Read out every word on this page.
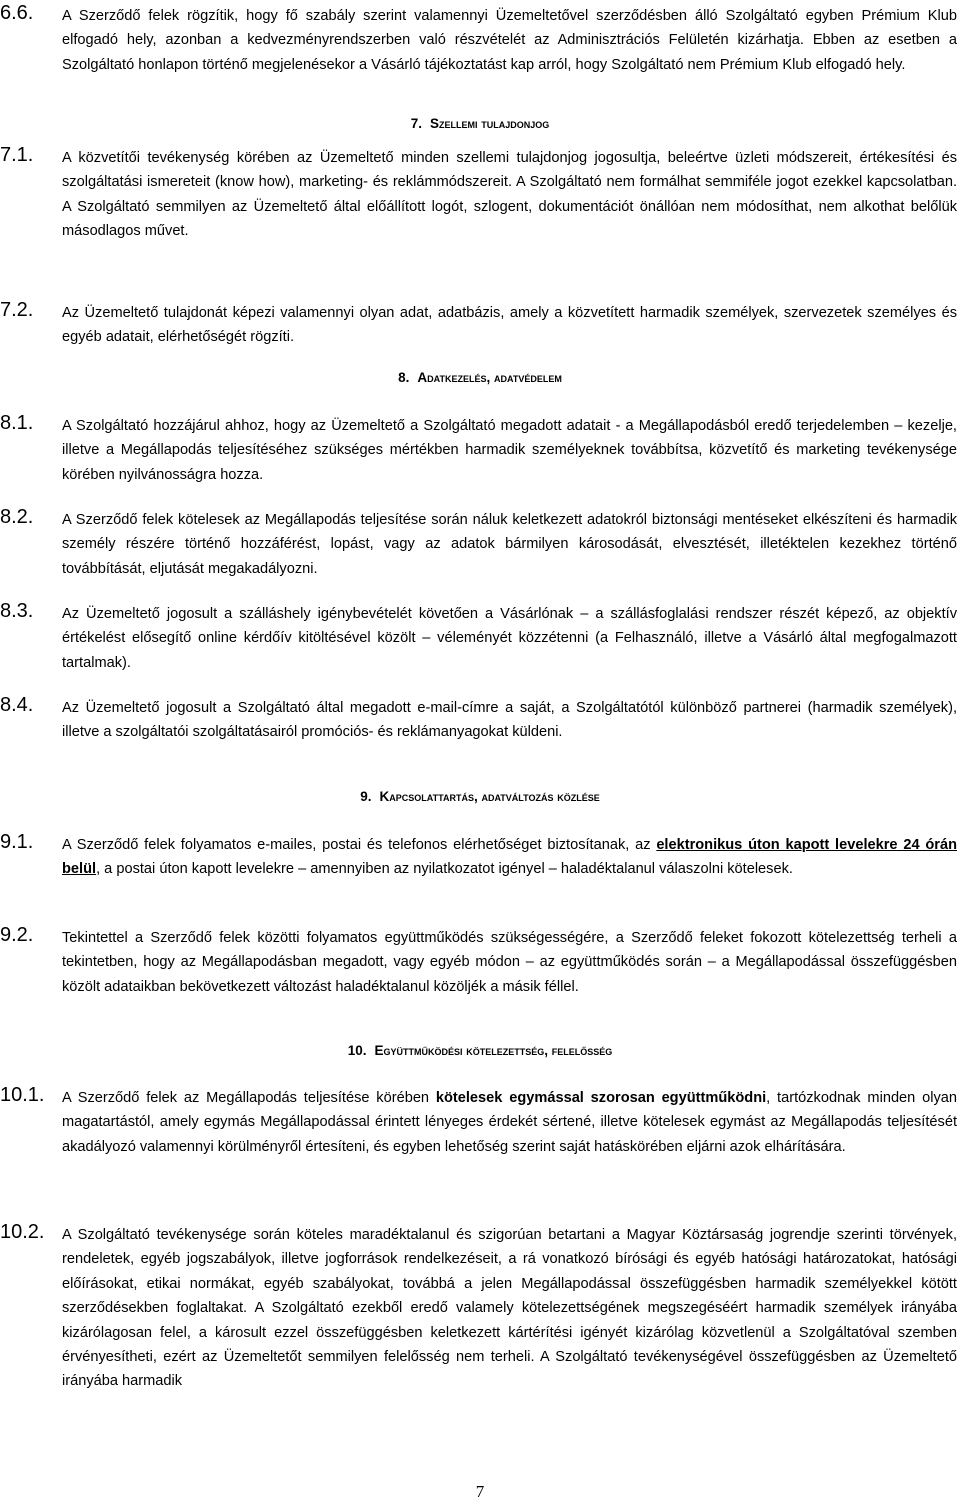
6.6. A Szerződő felek rögzítik, hogy fő szabály szerint valamennyi Üzemeltetővel szerződésben álló Szolgáltató egyben Prémium Klub elfogadó hely, azonban a kedvezményrendszerben való részvételét az Adminisztrációs Felületén kizárhatja. Ebben az esetben a Szolgáltató honlapon történő megjelenésekor a Vásárló tájékoztatást kap arról, hogy Szolgáltató nem Prémium Klub elfogadó hely.
7. Szellemi tulajdonjog
7.1. A közvetítői tevékenység körében az Üzemeltető minden szellemi tulajdonjog jogosultja, beleértve üzleti módszereit, értékesítési és szolgáltatási ismereteit (know how), marketing- és reklámmódszereit. A Szolgáltató nem formálhat semmiféle jogot ezekkel kapcsolatban. A Szolgáltató semmilyen az Üzemeltető által előállított logót, szlogent, dokumentációt önállóan nem módosíthat, nem alkothat belőlük másodlagos művet.
7.2. Az Üzemeltető tulajdonát képezi valamennyi olyan adat, adatbázis, amely a közvetített harmadik személyek, szervezetek személyes és egyéb adatait, elérhetőségét rögzíti.
8. Adatkezelés, adatvédelem
8.1. A Szolgáltató hozzájárul ahhoz, hogy az Üzemeltető a Szolgáltató megadott adatait - a Megállapodásból eredő terjedelemben – kezelje, illetve a Megállapodás teljesítéséhez szükséges mértékben harmadik személyeknek továbbítsa, közvetítő és marketing tevékenysége körében nyilvánosságra hozza.
8.2. A Szerződő felek kötelesek az Megállapodás teljesítése során náluk keletkezett adatokról biztonsági mentéseket elkészíteni és harmadik személy részére történő hozzáférést, lopást, vagy az adatok bármilyen károsodását, elvesztését, illetéktelen kezekhez történő továbbítását, eljutását megakadályozni.
8.3. Az Üzemeltető jogosult a szálláshely igénybevételét követően a Vásárlónak – a szállásfoglalási rendszer részét képező, az objektív értékelést elősegítő online kérdőív kitöltésével közölt – véleményét közzétenni (a Felhasználó, illetve a Vásárló által megfogalmazott tartalmak).
8.4. Az Üzemeltető jogosult a Szolgáltató által megadott e-mail-címre a saját, a Szolgáltatótól különböző partnerei (harmadik személyek), illetve a szolgáltatói szolgáltatásairól promóciós- és reklámanyagokat küldeni.
9. Kapcsolattartás, adatváltozás közlése
9.1. A Szerződő felek folyamatos e-mailes, postai és telefonos elérhetőséget biztosítanak, az elektronikus úton kapott levelekre 24 órán belül, a postai úton kapott levelekre – amennyiben az nyilatkozatot igényel – haladéktalanul válaszolni kötelesek.
9.2. Tekintettel a Szerződő felek közötti folyamatos együttműködés szükségességére, a Szerződő feleket fokozott kötelezettség terheli a tekintetben, hogy az Megállapodásban megadott, vagy egyéb módon – az együttműködés során – a Megállapodással összefüggésben közölt adataikban bekövetkezett változást haladéktalanul közöljék a másik féllel.
10. Együttműködési kötelezettség, felelősség
10.1. A Szerződő felek az Megállapodás teljesítése körében kötelesek egymással szorosan együttműködni, tartózkodnak minden olyan magatartástól, amely egymás Megállapodással érintett lényeges érdekét sértené, illetve kötelesek egymást az Megállapodás teljesítését akadályozó valamennyi körülményről értesíteni, és egyben lehetőség szerint saját hatáskörében eljárni azok elhárítására.
10.2. A Szolgáltató tevékenysége során köteles maradéktalanul és szigorúan betartani a Magyar Köztársaság jogrendje szerinti törvények, rendeletek, egyéb jogszabályok, illetve jogforrások rendelkezéseit, a rá vonatkozó bírósági és egyéb hatósági határozatokat, hatósági előírásokat, etikai normákat, egyéb szabályokat, továbbá a jelen Megállapodással összefüggésben harmadik személyekkel kötött szerződésekben foglaltakat. A Szolgáltató ezekből eredő valamely kötelezettségének megszegéséért harmadik személyek irányába kizárólagosan felel, a károsult ezzel összefüggésben keletkezett kártérítési igényét kizárólag közvetlenül a Szolgáltatóval szemben érvényesítheti, ezért az Üzemeltetőt semmilyen felelősség nem terheli. A Szolgáltató tevékenységével összefüggésben az Üzemeltető irányába harmadik
7
